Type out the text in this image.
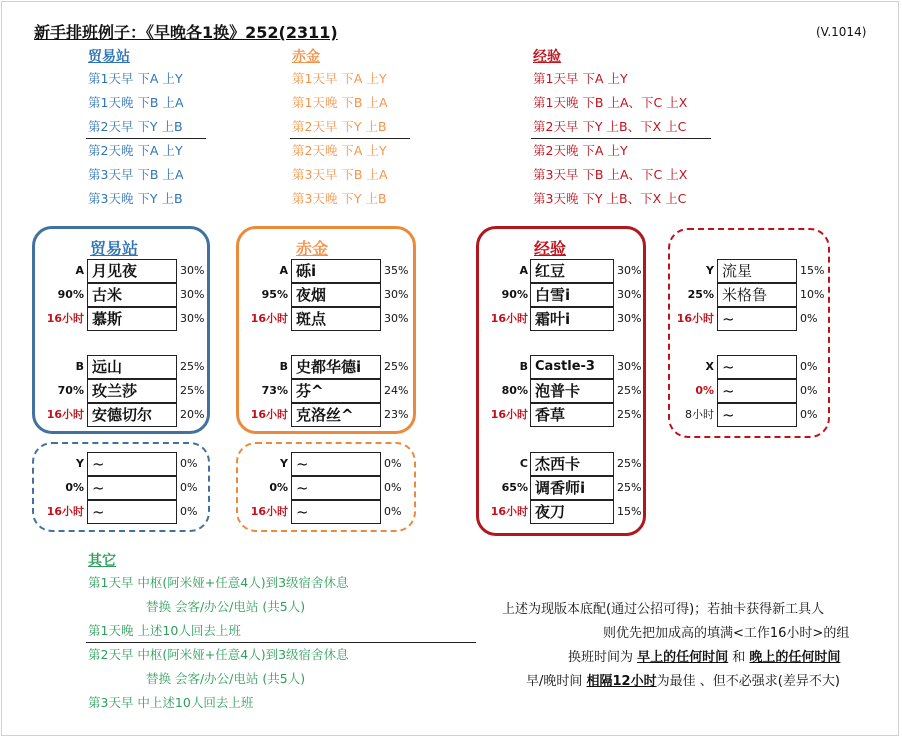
新手排班例子：《早晚各1换》252(2311)	(V.1014)
贸易站
第1天早 下A 上Y
第1天晚 下B 上A
第2天早 下Y 上B
第2天晚 下A 上Y
第3天早 下B 上A
第3天晚 下Y 上B
赤金
第1天早 下A 上Y
第1天晚 下B 上A
第2天早 下Y 上B
第2天晚 下A 上Y
第3天早 下B 上A
第3天晚 下Y 上B
经验
第1天早 下A 上Y
第1天晚 下B 上A、下C 上X
第2天早 下Y 上B、下X 上C
第2天晚 下A 上Y
第3天早 下B 上A、下C 上X
第3天晚 下Y 上B、下X 上C
贸易站
A 月见夜	30%
90% 古米	30%
16小时 慕斯	30%
B 远山	25%
70% 玫兰莎	25%
16小时 安德切尔	20%
Y ~	0%
0% ~	0%
16小时 ~	0%
赤金
A 砾i	35%
95% 夜烟	30%
16小时 斑点	30%
B 史都华德i	25%
73% 芬^	24%
16小时 克洛丝^	23%
Y ~	0%
0% ~	0%
16小时 ~	0%
经验
A 红豆	30%
90% 白雪i	30%
16小时 霜叶i	30%
B Castle-3	30%
80% 泡普卡	25%
16小时 香草	25%
C 杰西卡	25%
65% 调香师i	25%
16小时 夜刀	15%
Y 流星	15%
25% 米格鲁	10%
16小时 ~	0%
X ~	0%
0% ~	0%
8小时 ~	0%
其它
第1天早 中枢(阿米娅+任意4人)到3级宿舍休息
替换 会客/办公/电站 (共5人)
第1天晚 上述10人回去上班
第2天早 中枢(阿米娅+任意4人)到3级宿舍休息
替换 会客/办公/电站 (共5人)
第3天早 中上述10人回去上班
上述为现版本底配(通过公招可得)；若抽卡获得新工具人
则优先把加成高的填满<工作16小时>的组
换班时间为 早上的任何时间 和 晚上的任何时间
早/晚时间 相隔12小时为最佳 、但不必强求(差异不大)
